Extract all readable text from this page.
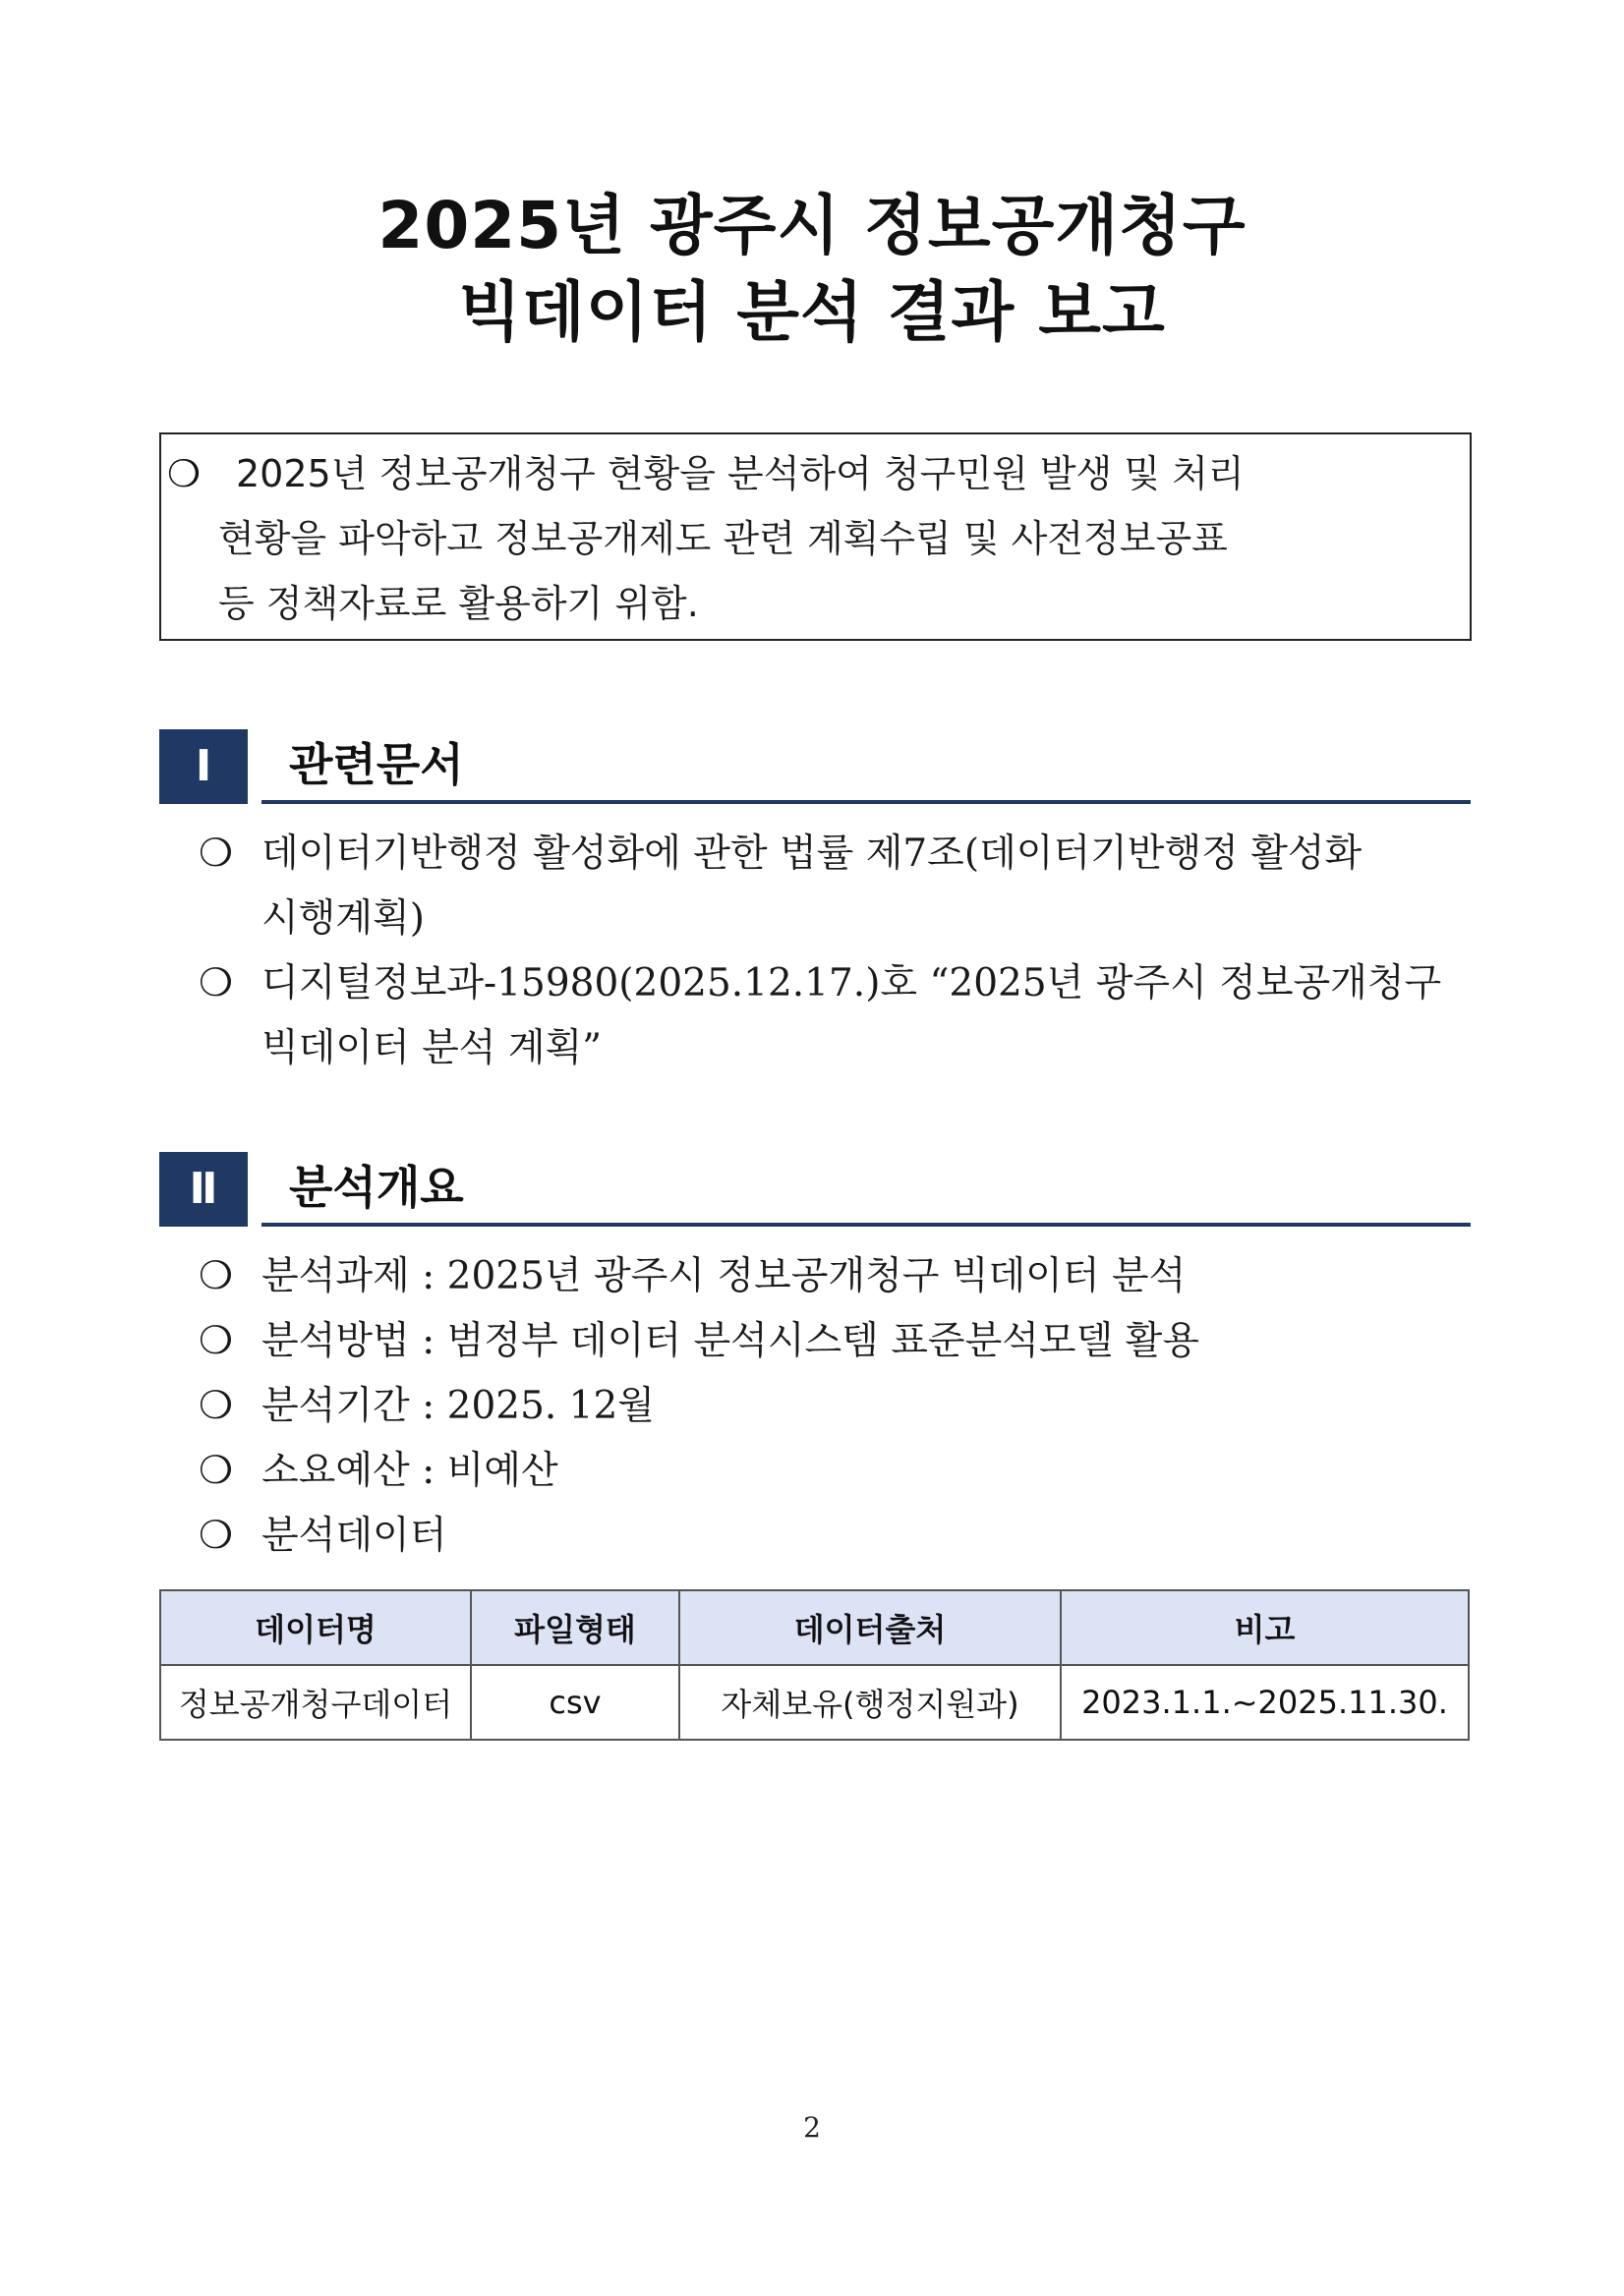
2025년 광주시 정보공개청구
빅데이터 분석 결과 보고
❍ 2025년 정보공개청구 현황을 분석하여 청구민원 발생 및 처리
현황을 파악하고 정보공개제도 관련 계획수립 및 사전정보공표
등 정책자료로 활용하기 위함.
Ⅰ	관련문서
❍ 데이터기반행정 활성화에 관한 법률 제7조(데이터기반행정 활성화
시행계획)
❍ 디지털정보과-15980(2025.12.17.)호 “2025년 광주시 정보공개청구
빅데이터 분석 계획”
Ⅱ	분석개요
❍ 분석과제 : 2025년 광주시 정보공개청구 빅데이터 분석
❍ 분석방법 : 범정부 데이터 분석시스템 표준분석모델 활용
❍ 분석기간 : 2025. 12월
❍ 소요예산 : 비예산
❍ 분석데이터
데이터명	파일형태	데이터출처	비고
정보공개청구데이터	csv	자체보유(행정지원과)	2023.1.1.~2025.11.30.
2
